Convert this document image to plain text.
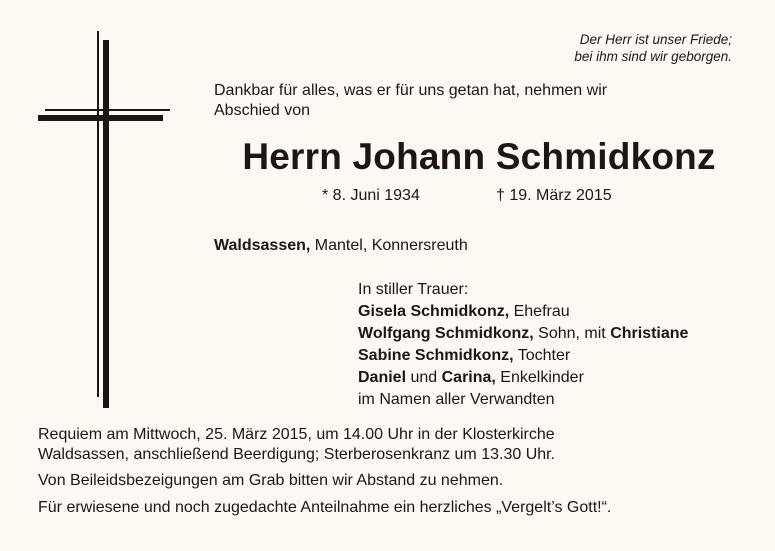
Der Herr ist unser Friede;
bei ihm sind wir geborgen.
Dankbar für alles, was er für uns getan hat, nehmen wir
Abschied von
Herrn Johann Schmidkonz
* 8. Juni 1934	† 19. März 2015
Waldsassen, Mantel, Konnersreuth
In stiller Trauer:
Gisela Schmidkonz, Ehefrau
Wolfgang Schmidkonz, Sohn, mit Christiane
Sabine Schmidkonz, Tochter
Daniel und Carina, Enkelkinder
im Namen aller Verwandten

Requiem am Mittwoch, 25. März 2015, um 14.00 Uhr in der Klosterkirche

Waldsassen, anschließend Beerdigung; Sterberosenkranz um 13.30 Uhr.

Von Beileidsbezeigungen am Grab bitten wir Abstand zu nehmen.

Für erwiesene und noch zugedachte Anteilnahme ein herzliches „Vergelt’s Gott!“.
